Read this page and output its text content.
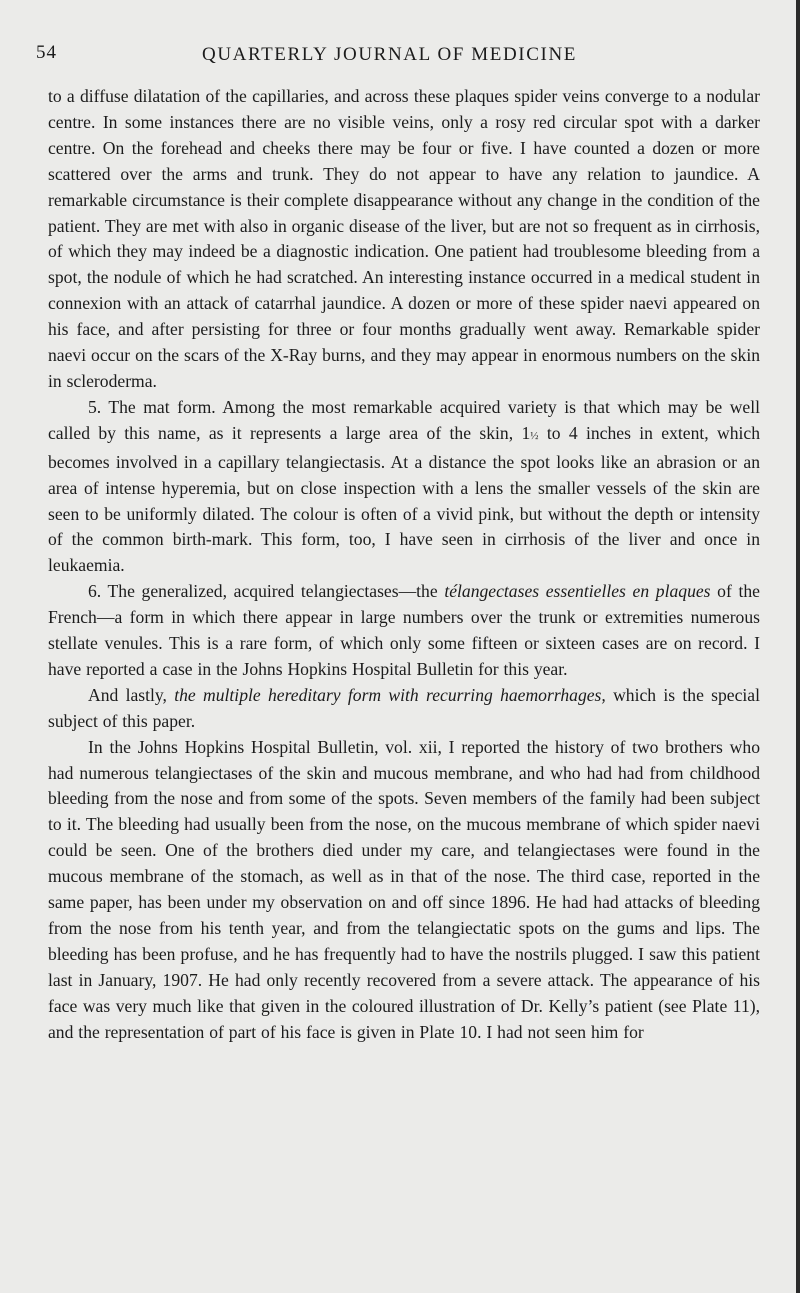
54	QUARTERLY JOURNAL OF MEDICINE

to a diffuse dilatation of the capillaries, and across these plaques spider veins converge to a nodular centre. In some instances there are no visible veins, only a rosy red circular spot with a darker centre. On the forehead and cheeks there may be four or five. I have counted a dozen or more scattered over the arms and trunk. They do not appear to have any relation to jaundice. A remarkable circumstance is their complete disappearance without any change in the condition of the patient. They are met with also in organic disease of the liver, but are not so frequent as in cirrhosis, of which they may indeed be a diagnostic indication. One patient had troublesome bleeding from a spot, the nodule of which he had scratched. An interesting instance occurred in a medical student in connexion with an attack of catarrhal jaundice. A dozen or more of these spider naevi appeared on his face, and after persisting for three or four months gradually went away. Remarkable spider naevi occur on the scars of the X-Ray burns, and they may appear in enormous numbers on the skin in scleroderma.

5. The mat form. Among the most remarkable acquired variety is that which may be well called by this name, as it represents a large area of the skin, 1½ to 4 inches in extent, which becomes involved in a capillary telangiectasis. At a distance the spot looks like an abrasion or an area of intense hyperemia, but on close inspection with a lens the smaller vessels of the skin are seen to be uniformly dilated. The colour is often of a vivid pink, but without the depth or intensity of the common birth-mark. This form, too, I have seen in cirrhosis of the liver and once in leukaemia.

6. The generalized, acquired telangiectases—the télangectases essentielles en plaques of the French—a form in which there appear in large numbers over the trunk or extremities numerous stellate venules. This is a rare form, of which only some fifteen or sixteen cases are on record. I have reported a case in the Johns Hopkins Hospital Bulletin for this year.

And lastly, the multiple hereditary form with recurring haemorrhages, which is the special subject of this paper.

In the Johns Hopkins Hospital Bulletin, vol. xii, I reported the history of two brothers who had numerous telangiectases of the skin and mucous membrane, and who had had from childhood bleeding from the nose and from some of the spots. Seven members of the family had been subject to it. The bleeding had usually been from the nose, on the mucous membrane of which spider naevi could be seen. One of the brothers died under my care, and telangiectases were found in the mucous membrane of the stomach, as well as in that of the nose. The third case, reported in the same paper, has been under my observation on and off since 1896. He had had attacks of bleeding from the nose from his tenth year, and from the telangiectatic spots on the gums and lips. The bleeding has been profuse, and he has frequently had to have the nostrils plugged. I saw this patient last in January, 1907. He had only recently recovered from a severe attack. The appearance of his face was very much like that given in the coloured illustration of Dr. Kelly’s patient (see Plate 11), and the representation of part of his face is given in Plate 10. I had not seen him for
